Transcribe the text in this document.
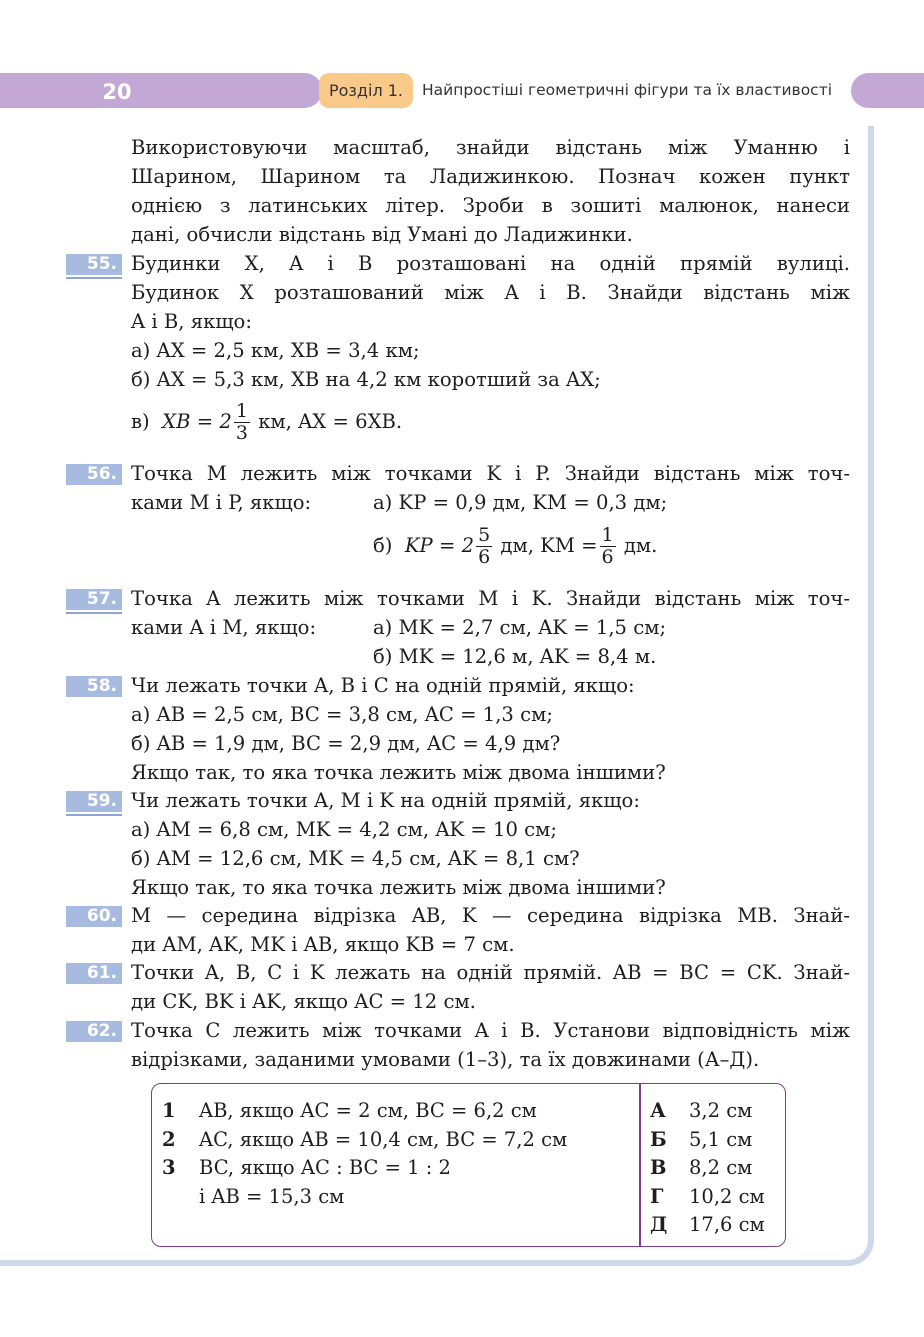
20	Розділ 1.	Найпростіші геометричні фігури та їх властивості
Використовуючи масштаб, знайди відстань між Уманню і
Шарином, Шарином та Ладижинкою. Познач кожен пункт
однією з латинських літер. Зроби в зошиті малюнок, нанеси
дані, обчисли відстань від Умані до Ладижинки.
55. Будинки X, A і B розташовані на одній прямій вулиці.
Будинок X розташований між A і B. Знайди відстань між
A і B, якщо:
а) AX = 2,5 км, XB = 3,4 км;
б) AX = 5,3 км, XB на 4,2 км коротший за AX;
в) XB = $2 \frac{1}{3}$ км, AX = 6XB.
56. Точка M лежить між точками K і P. Знайди відстань між точ-
ками M і P, якщо:	а) KP = 0,9 дм, KM = 0,3 дм;
б) KP = $2 \frac{5}{6}$ дм, KM = $\frac{1}{6}$ дм.
57. Точка A лежить між точками M і K. Знайди відстань між точ-
ками A і M, якщо:	а) MK = 2,7 см, AK = 1,5 см;
б) MK = 12,6 м, AK = 8,4 м.
58. Чи лежать точки A, B і C на одній прямій, якщо:
а) AB = 2,5 см, BC = 3,8 см, AC = 1,3 см;
б) AB = 1,9 дм, BC = 2,9 дм, AC = 4,9 дм?
Якщо так, то яка точка лежить між двома іншими?
59. Чи лежать точки A, M і K на одній прямій, якщо:
а) AM = 6,8 см, MK = 4,2 см, AK = 10 см;
б) AM = 12,6 см, MK = 4,5 см, AK = 8,1 см?
Якщо так, то яка точка лежить між двома іншими?
60. M — середина відрізка AB, K — середина відрізка MB. Знай-
ди AM, AK, MK і AB, якщо KB = 7 см.
61. Точки A, B, C і K лежать на одній прямій. AB = BC = CK. Знай-
ди CK, BK і AK, якщо AC = 12 см.
62. Точка C лежить між точками A і B. Установи відповідність між
відрізками, заданими умовами (1–3), та їх довжинами (А–Д).
1 AB, якщо AC = 2 см, BC = 6,2 см
2 AC, якщо AB = 10,4 см, BC = 7,2 см
3 BC, якщо AC : BC = 1 : 2
і AB = 15,3 см
А 3,2 см
Б 5,1 см
В 8,2 см
Г 10,2 см
Д 17,6 см
